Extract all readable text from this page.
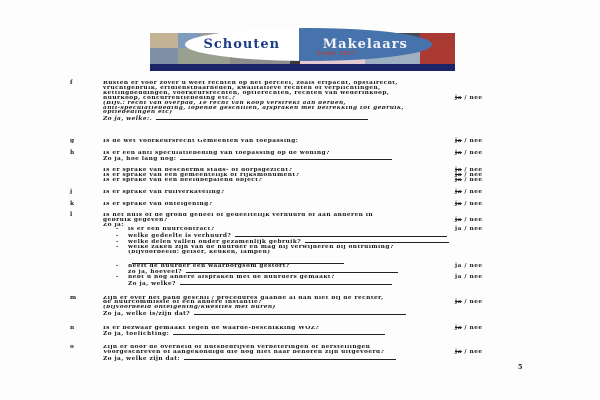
Schouten	Makelaars
Sinds 1927
f	Rusten er voor zover u weet rechten op het perceel, zoals erfpacht, opstalrecht,
vruchtgebruik, erfdienstbaarheden, kwalitatieve rechten of verplichtingen,
kettingbeddingen, voorkeursrechten, optierechten, rechten van wederinkoop,
huurkoop, concurrentiebeding etc.?	ja / nee
(Bijv.: recht van overpad, 1e recht van koop verstrekt aan derden,
anti-speculatiebeding, lopende geschillen, afspraken met betrekking tot gebruik,
optiebedingen etc)
Zo ja, welke:.
g	Is de wet Voorkeursrecht Gemeenten van toepassing:	ja / nee
h	Is er een anti speculatiebeding van toepassing op de woning?	ja / nee
Zo ja, hoe lang nog:
Is er sprake van beschermd stads- of dorpsgezicht?	ja / nee
Is er sprake van een gemeentelijk of rijksmonument?	ja / nee
Is er sprake van een beeldbepalend object?	ja / nee
j	Is er sprake van ruilverkaveling?	ja / nee
k	Is er sprake van onteigening?	ja / nee
l	Is het huis of de grond geheel of gedeeltelijk verhuurd of aan anderen in
gebruik gegeven?	ja / nee
Zo ja:
-	is er een huurcontract?	ja / nee
-	welke gedeelte is verhuurd?
-	welke delen vallen onder gezamenlijk gebruik?
-	welke zaken zijn van de huurder en mag hij verwijderen bij ontruiming?
(bijvoorbeeld: geiser, keuken, lampen)
-	heeft de huurder een waarborgsom gestort?	ja / nee
zo ja, hoeveel?
-	hebt u nog andere afspraken met de huurders gemaakt?	ja / nee
Zo ja, welke?
m	Zijn er over het pand geschil / procedures gaande al dan niet bij de rechter,
de huurcommissie of een andere instantie?	ja / nee
(bijvoorbeeld onteigening/kwesties met buren)
Zo ja, welke is/zijn dat?
n	Is er bezwaar gemaakt tegen de waarde-beschikking WOZ?	ja / nee
Zo ja, toelichting:
o	Zijn er door de overheid of nutsbedrijven verbeteringen of herstellingen
Voorgeschreven of aangekondigd die nog niet naar behoren zijn uitgevoerd?	ja / nee
Zo ja, welke zijn dat:
5
